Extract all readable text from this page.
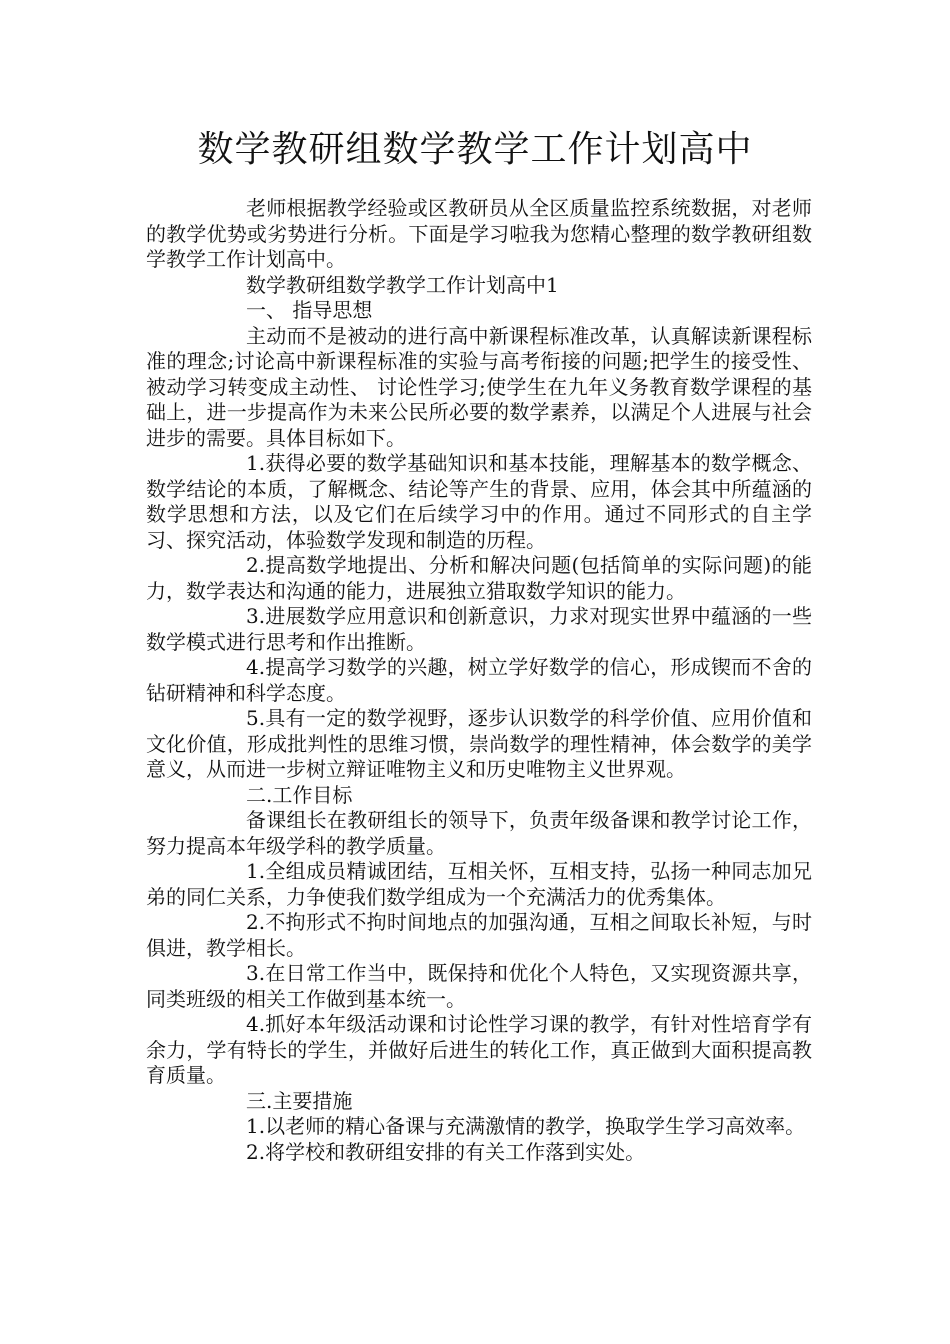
数学教研组数学教学工作计划高中

老师根据教学经验或区教研员从全区质量监控系统数据，对老师的教学优势或劣势进行分析。下面是学习啦我为您精心整理的数学教研组数学教学工作计划高中。

数学教研组数学教学工作计划高中1

一、 指导思想

主动而不是被动的进行高中新课程标准改革，认真解读新课程标准的理念;讨论高中新课程标准的实验与高考衔接的问题;把学生的接受性、被动学习转变成主动性、 讨论性学习;使学生在九年义务教育数学课程的基础上，进一步提高作为未来公民所必要的数学素养，以满足个人进展与社会进步的需要。具体目标如下。

1.获得必要的数学基础知识和基本技能，理解基本的数学概念、数学结论的本质，了解概念、结论等产生的背景、应用，体会其中所蕴涵的数学思想和方法，以及它们在后续学习中的作用。通过不同形式的自主学习、探究活动，体验数学发现和制造的历程。

2.提高数学地提出、分析和解决问题(包括简单的实际问题)的能力，数学表达和沟通的能力，进展独立猎取数学知识的能力。

3.进展数学应用意识和创新意识，力求对现实世界中蕴涵的一些数学模式进行思考和作出推断。

4.提高学习数学的兴趣，树立学好数学的信心，形成锲而不舍的钻研精神和科学态度。

5.具有一定的数学视野，逐步认识数学的科学价值、应用价值和文化价值，形成批判性的思维习惯，崇尚数学的理性精神，体会数学的美学意义，从而进一步树立辩证唯物主义和历史唯物主义世界观。

二.工作目标

备课组长在教研组长的领导下，负责年级备课和教学讨论工作，努力提高本年级学科的教学质量。

1.全组成员精诚团结，互相关怀，互相支持，弘扬一种同志加兄弟的同仁关系，力争使我们数学组成为一个充满活力的优秀集体。

2.不拘形式不拘时间地点的加强沟通，互相之间取长补短，与时俱进，教学相长。

3.在日常工作当中，既保持和优化个人特色，又实现资源共享，同类班级的相关工作做到基本统一。

4.抓好本年级活动课和讨论性学习课的教学，有针对性培育学有余力，学有特长的学生，并做好后进生的转化工作，真正做到大面积提高教育质量。

三.主要措施

1.以老师的精心备课与充满激情的教学，换取学生学习高效率。

2.将学校和教研组安排的有关工作落到实处。
